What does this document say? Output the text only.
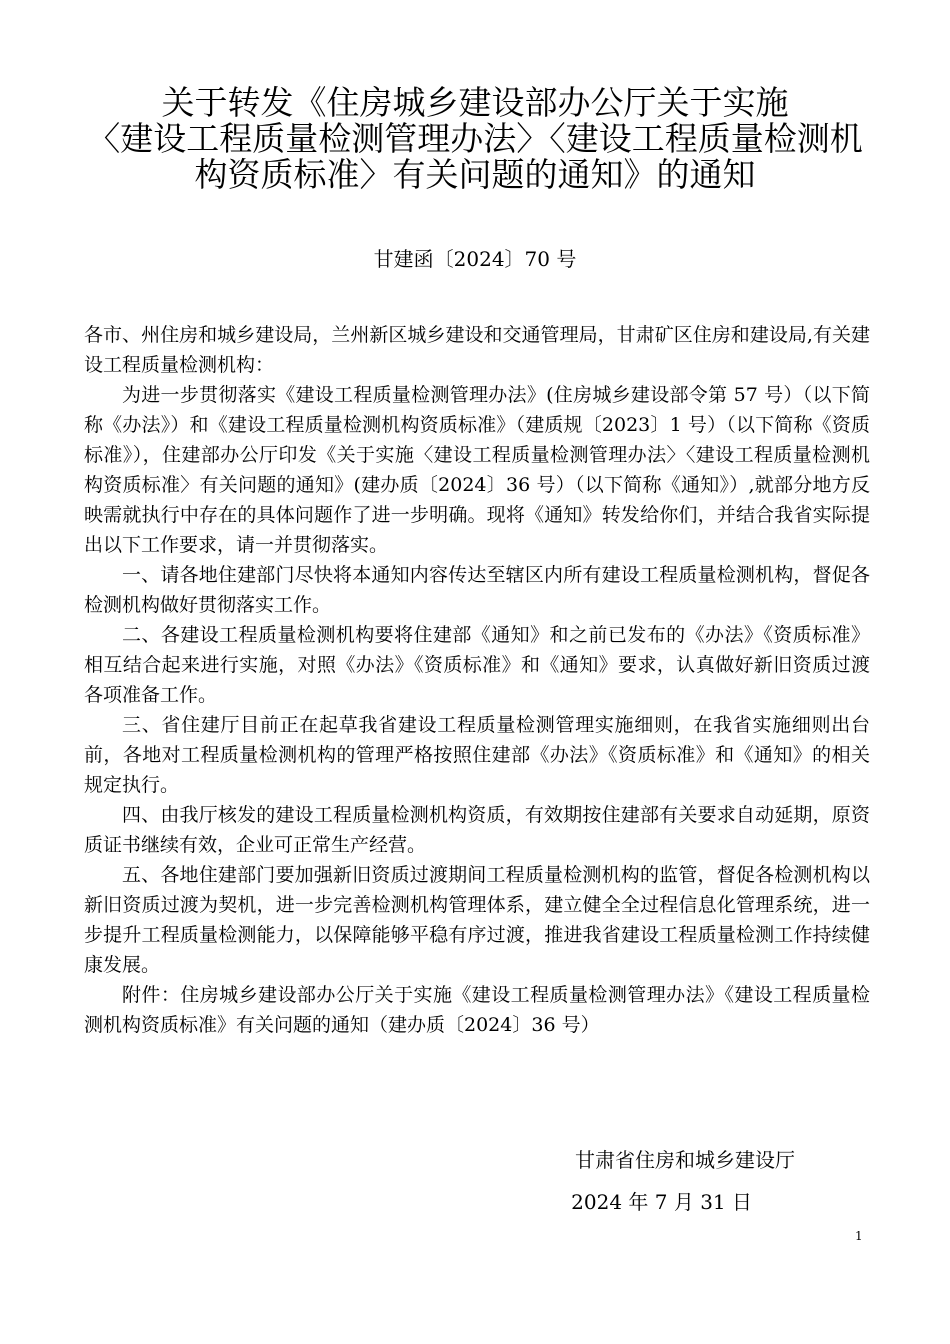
关于转发《住房城乡建设部办公厅关于实施
〈建设工程质量检测管理办法〉〈建设工程质量检测机
构资质标准〉有关问题的通知》的通知
甘建函〔2024〕70 号

各市、州住房和城乡建设局，兰州新区城乡建设和交通管理局，甘肃矿区住房和建设局,有关建设工程质量检测机构：

为进一步贯彻落实《建设工程质量检测管理办法》(住房城乡建设部令第 57 号）（以下简称《办法》）和《建设工程质量检测机构资质标准》（建质规〔2023〕1 号）（以下简称《资质标准》），住建部办公厅印发《关于实施〈建设工程质量检测管理办法〉〈建设工程质量检测机构资质标准〉有关问题的通知》(建办质〔2024〕36 号）（以下简称《通知》）,就部分地方反映需就执行中存在的具体问题作了进一步明确。现将《通知》转发给你们，并结合我省实际提出以下工作要求，请一并贯彻落实。

一、请各地住建部门尽快将本通知内容传达至辖区内所有建设工程质量检测机构，督促各检测机构做好贯彻落实工作。

二、各建设工程质量检测机构要将住建部《通知》和之前已发布的《办法》《资质标准》相互结合起来进行实施，对照《办法》《资质标准》和《通知》要求，认真做好新旧资质过渡各项准备工作。

三、省住建厅目前正在起草我省建设工程质量检测管理实施细则，在我省实施细则出台前，各地对工程质量检测机构的管理严格按照住建部《办法》《资质标准》和《通知》的相关规定执行。

四、由我厅核发的建设工程质量检测机构资质，有效期按住建部有关要求自动延期，原资质证书继续有效，企业可正常生产经营。

五、各地住建部门要加强新旧资质过渡期间工程质量检测机构的监管，督促各检测机构以新旧资质过渡为契机，进一步完善检测机构管理体系，建立健全全过程信息化管理系统，进一步提升工程质量检测能力，以保障能够平稳有序过渡，推进我省建设工程质量检测工作持续健康发展。

附件：住房城乡建设部办公厅关于实施《建设工程质量检测管理办法》《建设工程质量检测机构资质标准》有关问题的通知（建办质〔2024〕36 号）

甘肃省住房和城乡建设厅
2024 年 7 月 31 日
1
